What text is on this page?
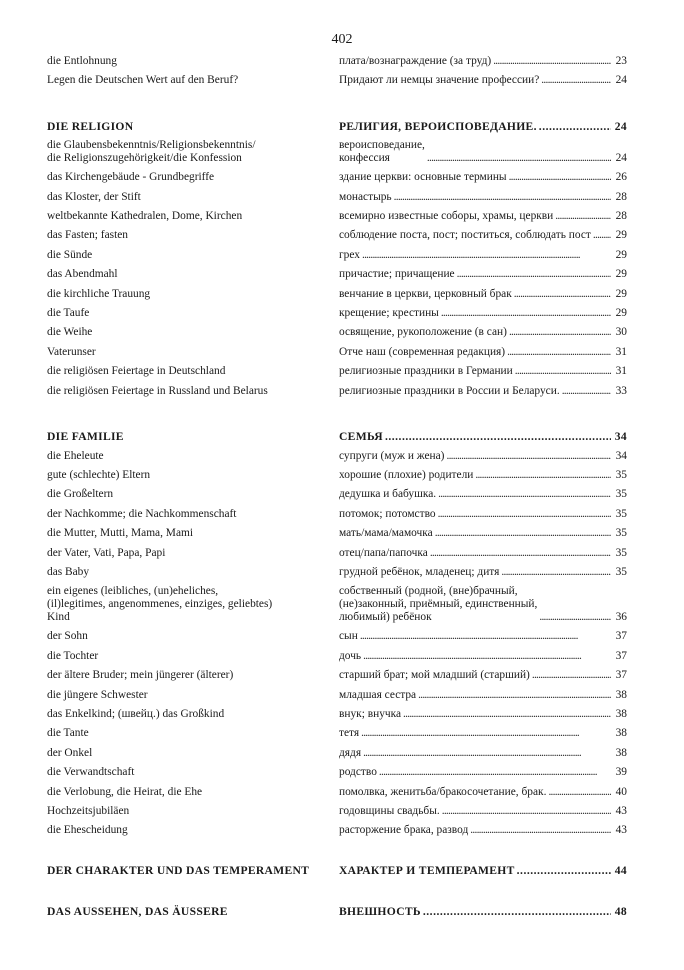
402
die Entlohnung	плата/вознаграждение (за труд) . . .	23
Legen die Deutschen Wert auf den Beruf?	Придают ли немцы значение профессии? . . .	24
DIE RELIGION	РЕЛИГИЯ, ВЕРОИСПОВЕДАНИЕ. . . .	24
die Glaubensbekenntnis/Religionsbekenntnis/
die Religionszugehörigkeit/die Konfession
вероисповедание,
конфессия . . .	24
das Kirchengebäude - Grundbegriffe	здание церкви: основные термины . . .	26
das Kloster, der Stift	монастырь . . .	28
weltbekannte Kathedralen, Dome, Kirchen	всемирно известные соборы, храмы, церкви . . .	28
das Fasten; fasten	соблюдение поста, пост; поститься, соблюдать пост . . . 29
die Sünde	грех . . .	29
das Abendmahl	причастие; причащение . . .	29
die kirchliche Trauung	венчание в церкви, церковный брак . . .	29
die Taufe	крещение; крестины . . .	29
die Weihe	освящение, рукоположение (в сан) . . .	30
Vaterunser	Отче наш (современная редакция) . . .	31
die religiösen Feiertage in Deutschland	религиозные праздники в Германии . . .	31
die religiösen Feiertage in Russland und Belarus	религиозные праздники в России и Беларуси. . . .	33
DIE FAMILIE	СЕМЬЯ . . .	34
die Eheleute	супруги (муж и жена) . . .	34
gute (schlechte) Eltern	хорошие (плохие) родители . . .	35
die Großeltern	дедушка и бабушка. . . .	35
der Nachkomme; die Nachkommenschaft	потомок; потомство . . .	35
die Mutter, Mutti, Mama, Mami	мать/мама/мамочка . . .	35
der Vater, Vati, Papa, Papi	отец/папа/папочка . . .	35
das Baby	грудной ребёнок, младенец; дитя . . .	35
ein eigenes (leibliches, (un)eheliches,
(il)legitimes, angenommenes, einziges, geliebtes)
Kind
собственный (родной, (вне)брачный,
(не)законный, приёмный, единственный,
любимый) ребёнок . . .	36
der Sohn	сын . . .	37
die Tochter	дочь . . .	37
der ältere Bruder; mein jüngerer (älterer)	старший брат; мой младший (старший) . . .	37
die jüngere Schwester	младшая сестра . . .	38
das Enkelkind; (швейц.) das Großkind	внук; внучка . . .	38
die Tante	тетя . . .	38
der Onkel	дядя . . .	38
die Verwandtschaft	родство . . .	39
die Verlobung, die Heirat, die Ehe	помолвка, женитьба/бракосочетание, брак. . . .	40
Hochzeitsjubiläen	годовщины свадьбы. . . .	43
die Ehescheidung	расторжение брака, развод . . .	43
DER CHARAKTER UND DAS TEMPERAMENT	ХАРАКТЕР И ТЕМПЕРАМЕНТ . . .	44
DAS AUSSEHEN, DAS ÄUSSERE	ВНЕШНОСТЬ . . .	48
